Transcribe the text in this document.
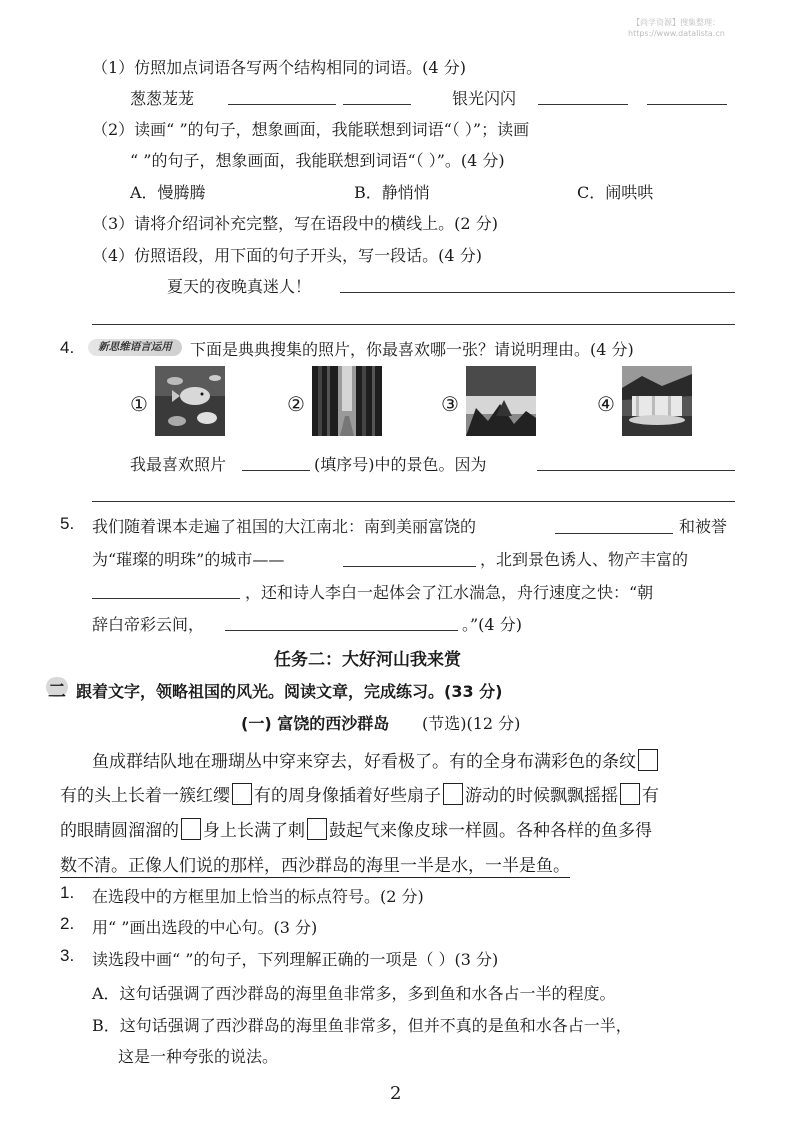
【尚学资源】搜集整理：
https://www.datalista.cn
（1）仿照加点词语各写两个结构相同的词语。(4 分)
葱葱茏茏	银光闪闪
（2）读画“ ”的句子，想象画面，我能联想到词语“（ ）”；读画
“ ”的句子，想象画面，我能联想到词语“（ ）”。(4 分)
A．慢腾腾	B．静悄悄	C．闹哄哄
（3）请将介绍词补充完整，写在语段中的横线上。(2 分)
（4）仿照语段，用下面的句子开头，写一段话。(4 分)
夏天的夜晚真迷人！
4.	新思维语言运用	下面是典典搜集的照片，你最喜欢哪一张？请说明理由。(4 分)
①	②	③	④
我最喜欢照片	(填序号)中的景色。因为
5. 我们随着课本走遍了祖国的大江南北：南到美丽富饶的	和被誉
为“璀璨的明珠”的城市——	，北到景色诱人、物产丰富的
，还和诗人李白一起体会了江水湍急，舟行速度之快：“朝
辞白帝彩云间，	。”(4 分)
任务二：大好河山我来赏
二 跟着文字，领略祖国的风光。阅读文章，完成练习。(33 分)
(一) 富饶的西沙群岛 (节选)(12 分)
鱼成群结队地在珊瑚丛中穿来穿去，好看极了。有的全身布满彩色的条纹
有的头上长着一簇红缨 有的周身像插着好些扇子 游动的时候飘飘摇摇 有
的眼睛圆溜溜的 身上长满了刺 鼓起气来像皮球一样圆。各种各样的鱼多得
数不清。正像人们说的那样，西沙群岛的海里一半是水，一半是鱼。
1. 在选段中的方框里加上恰当的标点符号。(2 分)
2. 用“ ”画出选段的中心句。(3 分)
3. 读选段中画“ ”的句子，下列理解正确的一项是（ ）(3 分)
A．这句话强调了西沙群岛的海里鱼非常多，多到鱼和水各占一半的程度。
B．这句话强调了西沙群岛的海里鱼非常多，但并不真的是鱼和水各占一半，
这是一种夸张的说法。
2
